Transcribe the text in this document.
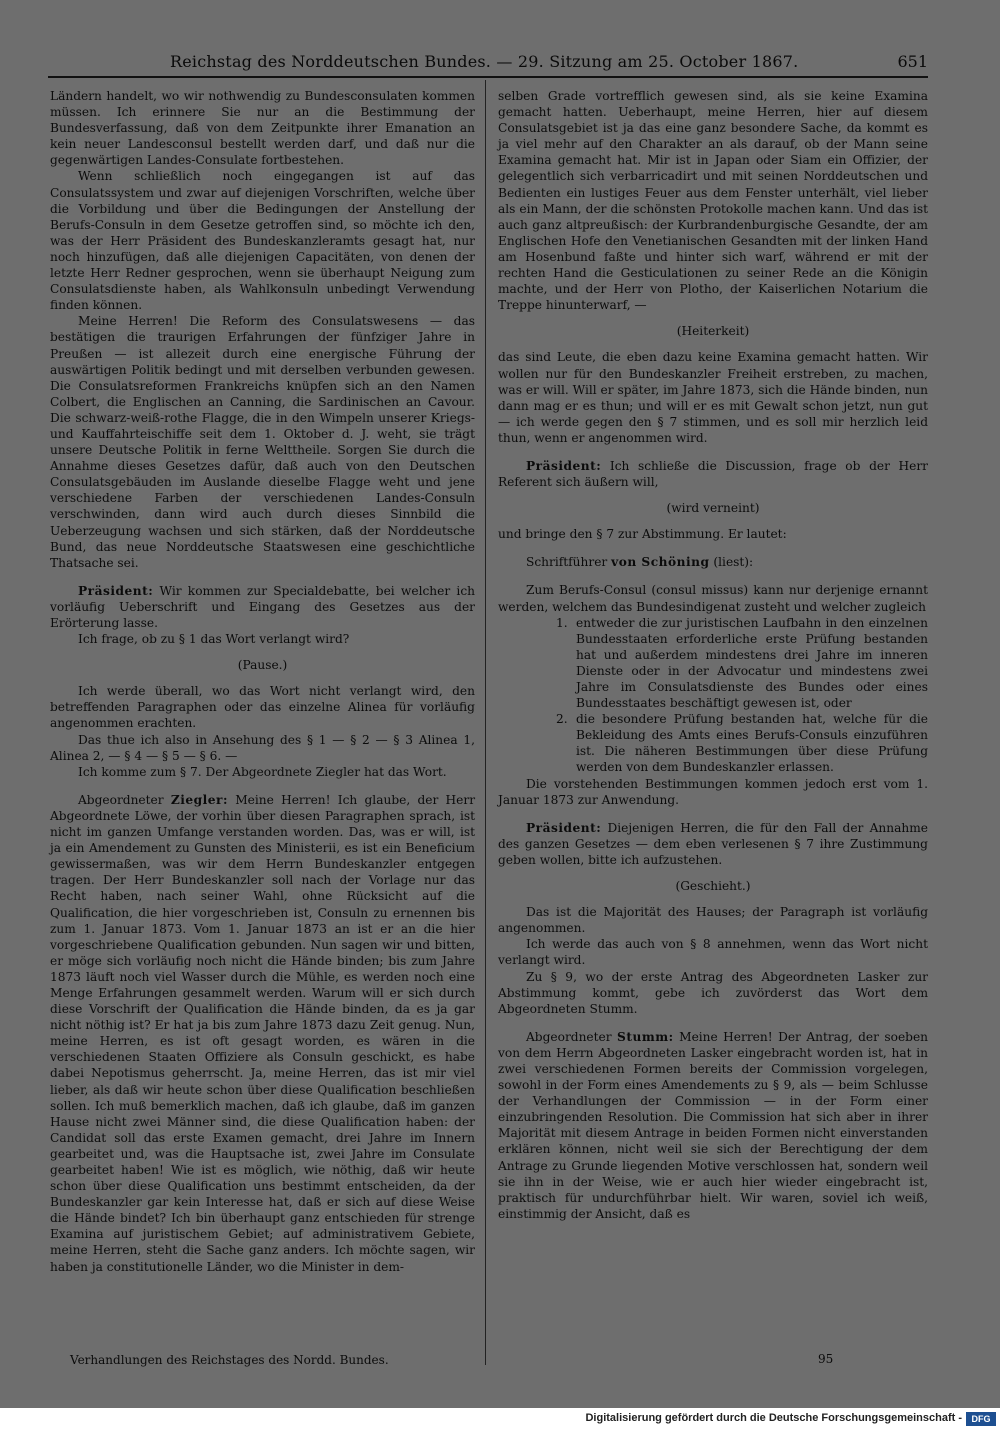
Reichstag des Norddeutschen Bundes. — 29. Sitzung am 25. October 1867.	651

Ländern handelt, wo wir nothwendig zu Bundesconsulaten kommen müssen. Ich erinnere Sie nur an die Bestimmung der Bundesverfassung, daß von dem Zeitpunkte ihrer Emanation an kein neuer Landesconsul bestellt werden darf, und daß nur die gegenwärtigen Landes-Consulate fortbestehen.

Wenn schließlich noch eingegangen ist auf das Consulatssystem und zwar auf diejenigen Vorschriften, welche über die Vorbildung und über die Bedingungen der Anstellung der Berufs-Consuln in dem Gesetze getroffen sind, so möchte ich den, was der Herr Präsident des Bundeskanzleramts gesagt hat, nur noch hinzufügen, daß alle diejenigen Capacitäten, von denen der letzte Herr Redner gesprochen, wenn sie überhaupt Neigung zum Consulatsdienste haben, als Wahlkonsuln unbedingt Verwendung finden können.

Meine Herren! Die Reform des Consulatswesens — das bestätigen die traurigen Erfahrungen der fünfziger Jahre in Preußen — ist allezeit durch eine energische Führung der auswärtigen Politik bedingt und mit derselben verbunden gewesen. Die Consulatsreformen Frankreichs knüpfen sich an den Namen Colbert, die Englischen an Canning, die Sardinischen an Cavour. Die schwarz-weiß-rothe Flagge, die in den Wimpeln unserer Kriegs- und Kauffahrteischiffe seit dem 1. Oktober d. J. weht, sie trägt unsere Deutsche Politik in ferne Welttheile. Sorgen Sie durch die Annahme dieses Gesetzes dafür, daß auch von den Deutschen Consulatsgebäuden im Auslande dieselbe Flagge weht und jene verschiedene Farben der verschiedenen Landes-Consuln verschwinden, dann wird auch durch dieses Sinnbild die Ueberzeugung wachsen und sich stärken, daß der Norddeutsche Bund, das neue Norddeutsche Staatswesen eine geschichtliche Thatsache sei.

Präsident: Wir kommen zur Specialdebatte, bei welcher ich vorläufig Ueberschrift und Eingang des Gesetzes aus der Erörterung lasse.

Ich frage, ob zu § 1 das Wort verlangt wird?

(Pause.)

Ich werde überall, wo das Wort nicht verlangt wird, den betreffenden Paragraphen oder das einzelne Alinea für vorläufig angenommen erachten.

Das thue ich also in Ansehung des § 1 — § 2 — § 3 Alinea 1, Alinea 2, — § 4 — § 5 — § 6. —

Ich komme zum § 7. Der Abgeordnete Ziegler hat das Wort.

Abgeordneter Ziegler: Meine Herren! Ich glaube, der Herr Abgeordnete Löwe, der vorhin über diesen Paragraphen sprach, ist nicht im ganzen Umfange verstanden worden. Das, was er will, ist ja ein Amendement zu Gunsten des Ministerii, es ist ein Beneficium gewissermaßen, was wir dem Herrn Bundeskanzler entgegen tragen. Der Herr Bundeskanzler soll nach der Vorlage nur das Recht haben, nach seiner Wahl, ohne Rücksicht auf die Qualification, die hier vorgeschrieben ist, Consuln zu ernennen bis zum 1. Januar 1873. Vom 1. Januar 1873 an ist er an die hier vorgeschriebene Qualification gebunden. Nun sagen wir und bitten, er möge sich vorläufig noch nicht die Hände binden; bis zum Jahre 1873 läuft noch viel Wasser durch die Mühle, es werden noch eine Menge Erfahrungen gesammelt werden. Warum will er sich durch diese Vorschrift der Qualification die Hände binden, da es ja gar nicht nöthig ist? Er hat ja bis zum Jahre 1873 dazu Zeit genug. Nun, meine Herren, es ist oft gesagt worden, es wären in die verschiedenen Staaten Offiziere als Consuln geschickt, es habe dabei Nepotismus geherrscht. Ja, meine Herren, das ist mir viel lieber, als daß wir heute schon über diese Qualification beschließen sollen. Ich muß bemerklich machen, daß ich glaube, daß im ganzen Hause nicht zwei Männer sind, die diese Qualification haben: der Candidat soll das erste Examen gemacht, drei Jahre im Innern gearbeitet und, was die Hauptsache ist, zwei Jahre im Consulate gearbeitet haben! Wie ist es möglich, wie nöthig, daß wir heute schon über diese Qualification uns bestimmt entscheiden, da der Bundeskanzler gar kein Interesse hat, daß er sich auf diese Weise die Hände bindet? Ich bin überhaupt ganz entschieden für strenge Examina auf juristischem Gebiet; auf administrativem Gebiete, meine Herren, steht die Sache ganz anders. Ich möchte sagen, wir haben ja constitutionelle Länder, wo die Minister in dem-

Verhandlungen des Reichstages des Nordd. Bundes.

selben Grade vortrefflich gewesen sind, als sie keine Examina gemacht hatten. Ueberhaupt, meine Herren, hier auf diesem Consulatsgebiet ist ja das eine ganz besondere Sache, da kommt es ja viel mehr auf den Charakter an als darauf, ob der Mann seine Examina gemacht hat. Mir ist in Japan oder Siam ein Offizier, der gelegentlich sich verbarricadirt und mit seinen Norddeutschen und Bedienten ein lustiges Feuer aus dem Fenster unterhält, viel lieber als ein Mann, der die schönsten Protokolle machen kann. Und das ist auch ganz altpreußisch: der Kurbrandenburgische Gesandte, der am Englischen Hofe den Venetianischen Gesandten mit der linken Hand am Hosenbund faßte und hinter sich warf, während er mit der rechten Hand die Gesticulationen zu seiner Rede an die Königin machte, und der Herr von Plotho, der Kaiserlichen Notarium die Treppe hinunterwarf, —

(Heiterkeit)

das sind Leute, die eben dazu keine Examina gemacht hatten. Wir wollen nur für den Bundeskanzler Freiheit erstreben, zu machen, was er will. Will er später, im Jahre 1873, sich die Hände binden, nun dann mag er es thun; und will er es mit Gewalt schon jetzt, nun gut — ich werde gegen den § 7 stimmen, und es soll mir herzlich leid thun, wenn er angenommen wird.

Präsident: Ich schließe die Discussion, frage ob der Herr Referent sich äußern will,

(wird verneint)

und bringe den § 7 zur Abstimmung. Er lautet:

Schriftführer von Schöning (liest):

Zum Berufs-Consul (consul missus) kann nur derjenige ernannt werden, welchem das Bundesindigenat zusteht und welcher zugleich

1. entweder die zur juristischen Laufbahn in den einzelnen Bundesstaaten erforderliche erste Prüfung bestanden hat und außerdem mindestens drei Jahre im inneren Dienste oder in der Advocatur und mindestens zwei Jahre im Consulatsdienste des Bundes oder eines Bundesstaates beschäftigt gewesen ist, oder

2. die besondere Prüfung bestanden hat, welche für die Bekleidung des Amts eines Berufs-Consuls einzuführen ist. Die näheren Bestimmungen über diese Prüfung werden von dem Bundeskanzler erlassen.

Die vorstehenden Bestimmungen kommen jedoch erst vom 1. Januar 1873 zur Anwendung.

Präsident: Diejenigen Herren, die für den Fall der Annahme des ganzen Gesetzes — dem eben verlesenen § 7 ihre Zustimmung geben wollen, bitte ich aufzustehen.

(Geschieht.)

Das ist die Majorität des Hauses; der Paragraph ist vorläufig angenommen.

Ich werde das auch von § 8 annehmen, wenn das Wort nicht verlangt wird.

Zu § 9, wo der erste Antrag des Abgeordneten Lasker zur Abstimmung kommt, gebe ich zuvörderst das Wort dem Abgeordneten Stumm.

Abgeordneter Stumm: Meine Herren! Der Antrag, der soeben von dem Herrn Abgeordneten Lasker eingebracht worden ist, hat in zwei verschiedenen Formen bereits der Commission vorgelegen, sowohl in der Form eines Amendements zu § 9, als — beim Schlusse der Verhandlungen der Commission — in der Form einer einzubringenden Resolution. Die Commission hat sich aber in ihrer Majorität mit diesem Antrage in beiden Formen nicht einverstanden erklären können, nicht weil sie sich der Berechtigung der dem Antrage zu Grunde liegenden Motive verschlossen hat, sondern weil sie ihn in der Weise, wie er auch hier wieder eingebracht ist, praktisch für undurchführbar hielt. Wir waren, soviel ich weiß, einstimmig der Ansicht, daß es

95
Digitalisierung gefördert durch die Deutsche Forschungsgemeinschaft -	DFG
